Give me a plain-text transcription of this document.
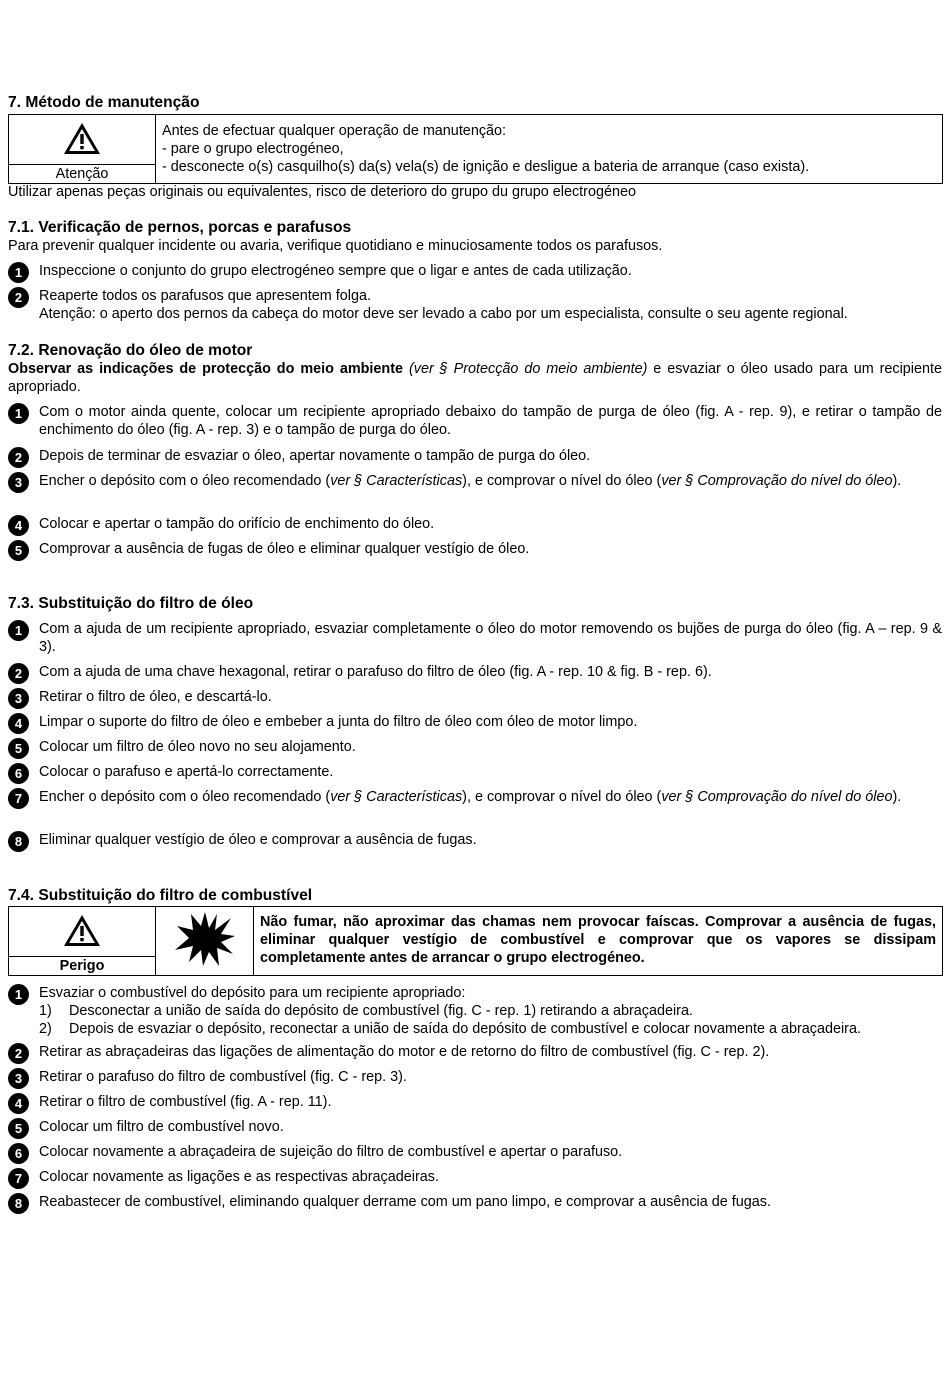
7. Método de manutenção
Atenção

Antes de efectuar qualquer operação de manutenção:
- pare o grupo electrogéneo,
- desconecte o(s) casquilho(s) da(s) vela(s) de ignição e desligue a bateria de arranque (caso exista).
Utilizar apenas peças originais ou equivalentes, risco de deterioro do grupo du grupo electrogéneo
7.1. Verificação de pernos, porcas e parafusos
Para prevenir qualquer incidente ou avaria, verifique quotidiano e minuciosamente todos os parafusos.
1	Inspeccione o conjunto do grupo electrogéneo sempre que o ligar e antes de cada utilização.
2	Reaperte todos os parafusos que apresentem folga.
Atenção: o aperto dos pernos da cabeça do motor deve ser levado a cabo por um especialista, consulte o seu agente regional.
7.2. Renovação do óleo de motor
Observar as indicações de protecção do meio ambiente (ver § Protecção do meio ambiente) e esvaziar o óleo usado para um recipiente apropriado.
1	Com o motor ainda quente, colocar um recipiente apropriado debaixo do tampão de purga de óleo (fig. A - rep. 9), e retirar o tampão de enchimento do óleo (fig. A - rep. 3) e o tampão de purga do óleo.
2	Depois de terminar de esvaziar o óleo, apertar novamente o tampão de purga do óleo.
3	Encher o depósito com o óleo recomendado (ver § Características), e comprovar o nível do óleo (ver § Comprovação do nível do óleo).
4	Colocar e apertar o tampão do orifício de enchimento do óleo.
5	Comprovar a ausência de fugas de óleo e eliminar qualquer vestígio de óleo.
7.3. Substituição do filtro de óleo
1	Com a ajuda de um recipiente apropriado, esvaziar completamente o óleo do motor removendo os bujões de purga do óleo (fig. A – rep. 9 & 3).
2	Com a ajuda de uma chave hexagonal, retirar o parafuso do filtro de óleo (fig. A - rep. 10 & fig. B - rep. 6).
3	Retirar o filtro de óleo, e descartá-lo.
4	Limpar o suporte do filtro de óleo e embeber a junta do filtro de óleo com óleo de motor limpo.
5	Colocar um filtro de óleo novo no seu alojamento.
6	Colocar o parafuso e apertá-lo correctamente.
7	Encher o depósito com o óleo recomendado (ver § Características), e comprovar o nível do óleo (ver § Comprovação do nível do óleo).
8	Eliminar qualquer vestígio de óleo e comprovar a ausência de fugas.
7.4. Substituição do filtro de combustível
Perigo

Não fumar, não aproximar das chamas nem provocar faíscas. Comprovar a ausência de fugas, eliminar qualquer vestígio de combustível e comprovar que os vapores se dissipam completamente antes de arrancar o grupo electrogéneo.
1	Esvaziar o combustível do depósito para um recipiente apropriado:
1) Desconectar a união de saída do depósito de combustível (fig. C - rep. 1) retirando a abraçadeira.
2) Depois de esvaziar o depósito, reconectar a união de saída do depósito de combustível e colocar novamente a abraçadeira.
2	Retirar as abraçadeiras das ligações de alimentação do motor e de retorno do filtro de combustível (fig. C - rep. 2).
3	Retirar o parafuso do filtro de combustível (fig. C - rep. 3).
4	Retirar o filtro de combustível (fig. A - rep. 11).
5	Colocar um filtro de combustível novo.
6	Colocar novamente a abraçadeira de sujeição do filtro de combustível e apertar o parafuso.
7	Colocar novamente as ligações e as respectivas abraçadeiras.
8	Reabastecer de combustível, eliminando qualquer derrame com um pano limpo, e comprovar a ausência de fugas.
